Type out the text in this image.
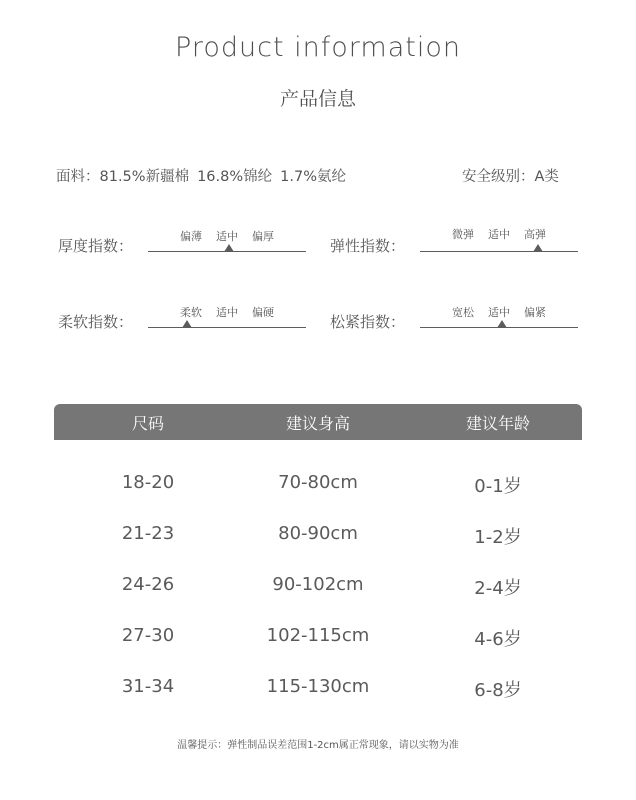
Product information
产品信息
面料：81.5%新疆棉 16.8%锦纶 1.7%氨纶	安全级别：A类
厚度指数：
偏薄 适中 偏厚
弹性指数：
微弹 适中 高弹
柔软指数：
柔软 适中 偏硬
松紧指数：
宽松 适中 偏紧
尺码	建议身高	建议年龄
18-20	70-80cm	0-1岁
21-23	80-90cm	1-2岁
24-26	90-102cm	2-4岁
27-30	102-115cm	4-6岁
31-34	115-130cm	6-8岁
温馨提示：弹性制品误差范围1-2cm属正常现象，请以实物为准
